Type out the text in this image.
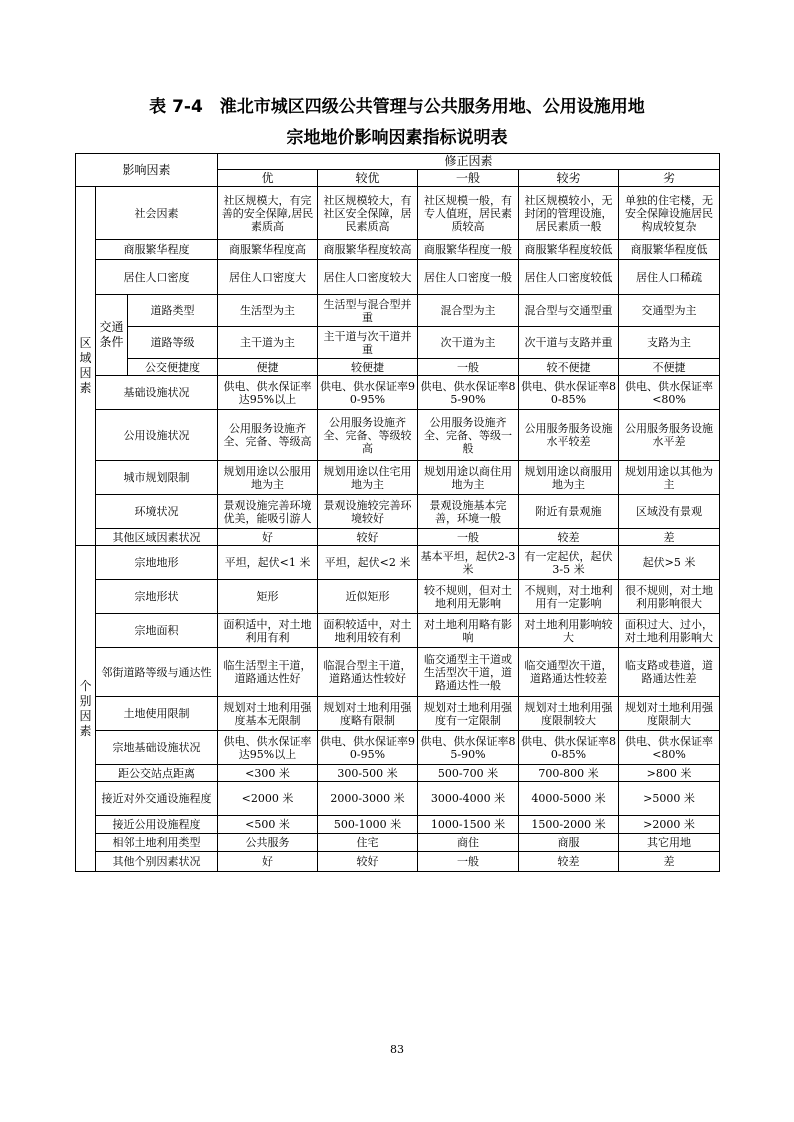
表 7-4　淮北市城区四级公共管理与公共服务用地、公用设施用地
宗地地价影响因素指标说明表
影响因素			修正因素				
			优	较优	一般	较劣	劣
区域因素	社会因素		社区规模大，有完善的安全保障,居民素质高	社区规模较大，有社区安全保障，居民素质高	社区规模一般，有专人值班，居民素质较高	社区规模较小，无封闭的管理设施，居民素质一般	单独的住宅楼，无安全保障设施居民构成较复杂
	商服繁华程度		商服繁华程度高	商服繁华程度较高	商服繁华程度一般	商服繁华程度较低	商服繁华程度低
	居住人口密度		居住人口密度大	居住人口密度较大	居住人口密度一般	居住人口密度较低	居住人口稀疏
	交通条件	道路类型	生活型为主	生活型与混合型并重	混合型为主	混合型与交通型重	交通型为主
		道路等级	主干道为主	主干道与次干道并重	次干道为主	次干道与支路并重	支路为主
		公交便捷度	便捷	较便捷	一般	较不便捷	不便捷
	基础设施状况		供电、供水保证率达95%以上	供电、供水保证率90-95%	供电、供水保证率85-90%	供电、供水保证率80-85%	供电、供水保证率<80%
	公用设施状况		公用服务设施齐全、完备、等级高	公用服务设施齐全、完备、等级较高	公用服务设施齐全、完备、等级一般	公用服务服务设施水平较差	公用服务服务设施水平差
	城市规划限制		规划用途以公服用地为主	规划用途以住宅用地为主	规划用途以商住用地为主	规划用途以商服用地为主	规划用途以其他为主
	环境状况		景观设施完善环境优美，能吸引游人	景观设施较完善环境较好	景观设施基本完善，环境一般	附近有景观施	区域没有景观
	其他区域因素状况		好	较好	一般	较差	差
个别因素	宗地地形		平坦，起伏<1 米	平坦，起伏<2 米	基本平坦，起伏2-3 米	有一定起伏，起伏 3-5 米	起伏>5 米
	宗地形状		矩形	近似矩形	较不规则，但对土地利用无影响	不规则，对土地利用有一定影响	很不规则，对土地利用影响很大
	宗地面积		面积适中，对土地利用有利	面积较适中，对土地利用较有利	对土地利用略有影响	对土地利用影响较大	面积过大、过小，对土地利用影响大
	邻街道路等级与通达性		临生活型主干道，道路通达性好	临混合型主干道，道路通达性较好	临交通型主干道或生活型次干道，道路通达性一般	临交通型次干道，道路通达性较差	临支路或巷道，道路通达性差
	土地使用限制		规划对土地利用强度基本无限制	规划对土地利用强度略有限制	规划对土地利用强度有一定限制	规划对土地利用强度限制较大	规划对土地利用强度限制大
	宗地基础设施状况		供电、供水保证率达95%以上	供电、供水保证率90-95%	供电、供水保证率85-90%	供电、供水保证率80-85%	供电、供水保证率<80%
	距公交站点距离		<300 米	300-500 米	500-700 米	700-800 米	>800 米
	接近对外交通设施程度		<2000 米	2000-3000 米	3000-4000 米	4000-5000 米	>5000 米
	接近公用设施程度		<500 米	500-1000 米	1000-1500 米	1500-2000 米	>2000 米
	相邻土地利用类型		公共服务	住宅	商住	商服	其它用地
	其他个别因素状况		好	较好	一般	较差	差
83
